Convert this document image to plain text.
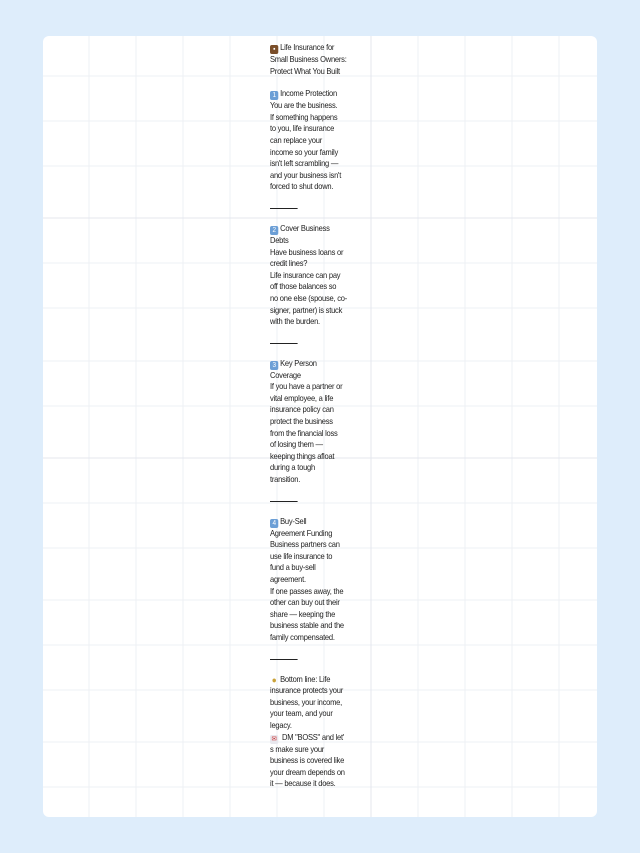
▪ Life Insurance for
Small Business Owners:
Protect What You Built
1 Income Protection
You are the business.
If something happens
to you, life insurance
can replace your
income so your family
isn't left scrambling —
and your business isn't
forced to shut down.
2 Cover Business
Debts
Have business loans or
credit lines?
Life insurance can pay
off those balances so
no one else (spouse, co-
signer, partner) is stuck
with the burden.
3 Key Person
Coverage
If you have a partner or
vital employee, a life
insurance policy can
protect the business
from the financial loss
of losing them —
keeping things afloat
during a tough
transition.
4 Buy-Sell
Agreement Funding
Business partners can
use life insurance to
fund a buy-sell
agreement.
If one passes away, the
other can buy out their
share — keeping the
business stable and the
family compensated.
● Bottom line: Life
insurance protects your
business, your income,
your team, and your
legacy.
✉ DM "BOSS" and let'
s make sure your
business is covered like
your dream depends on
it — because it does.
